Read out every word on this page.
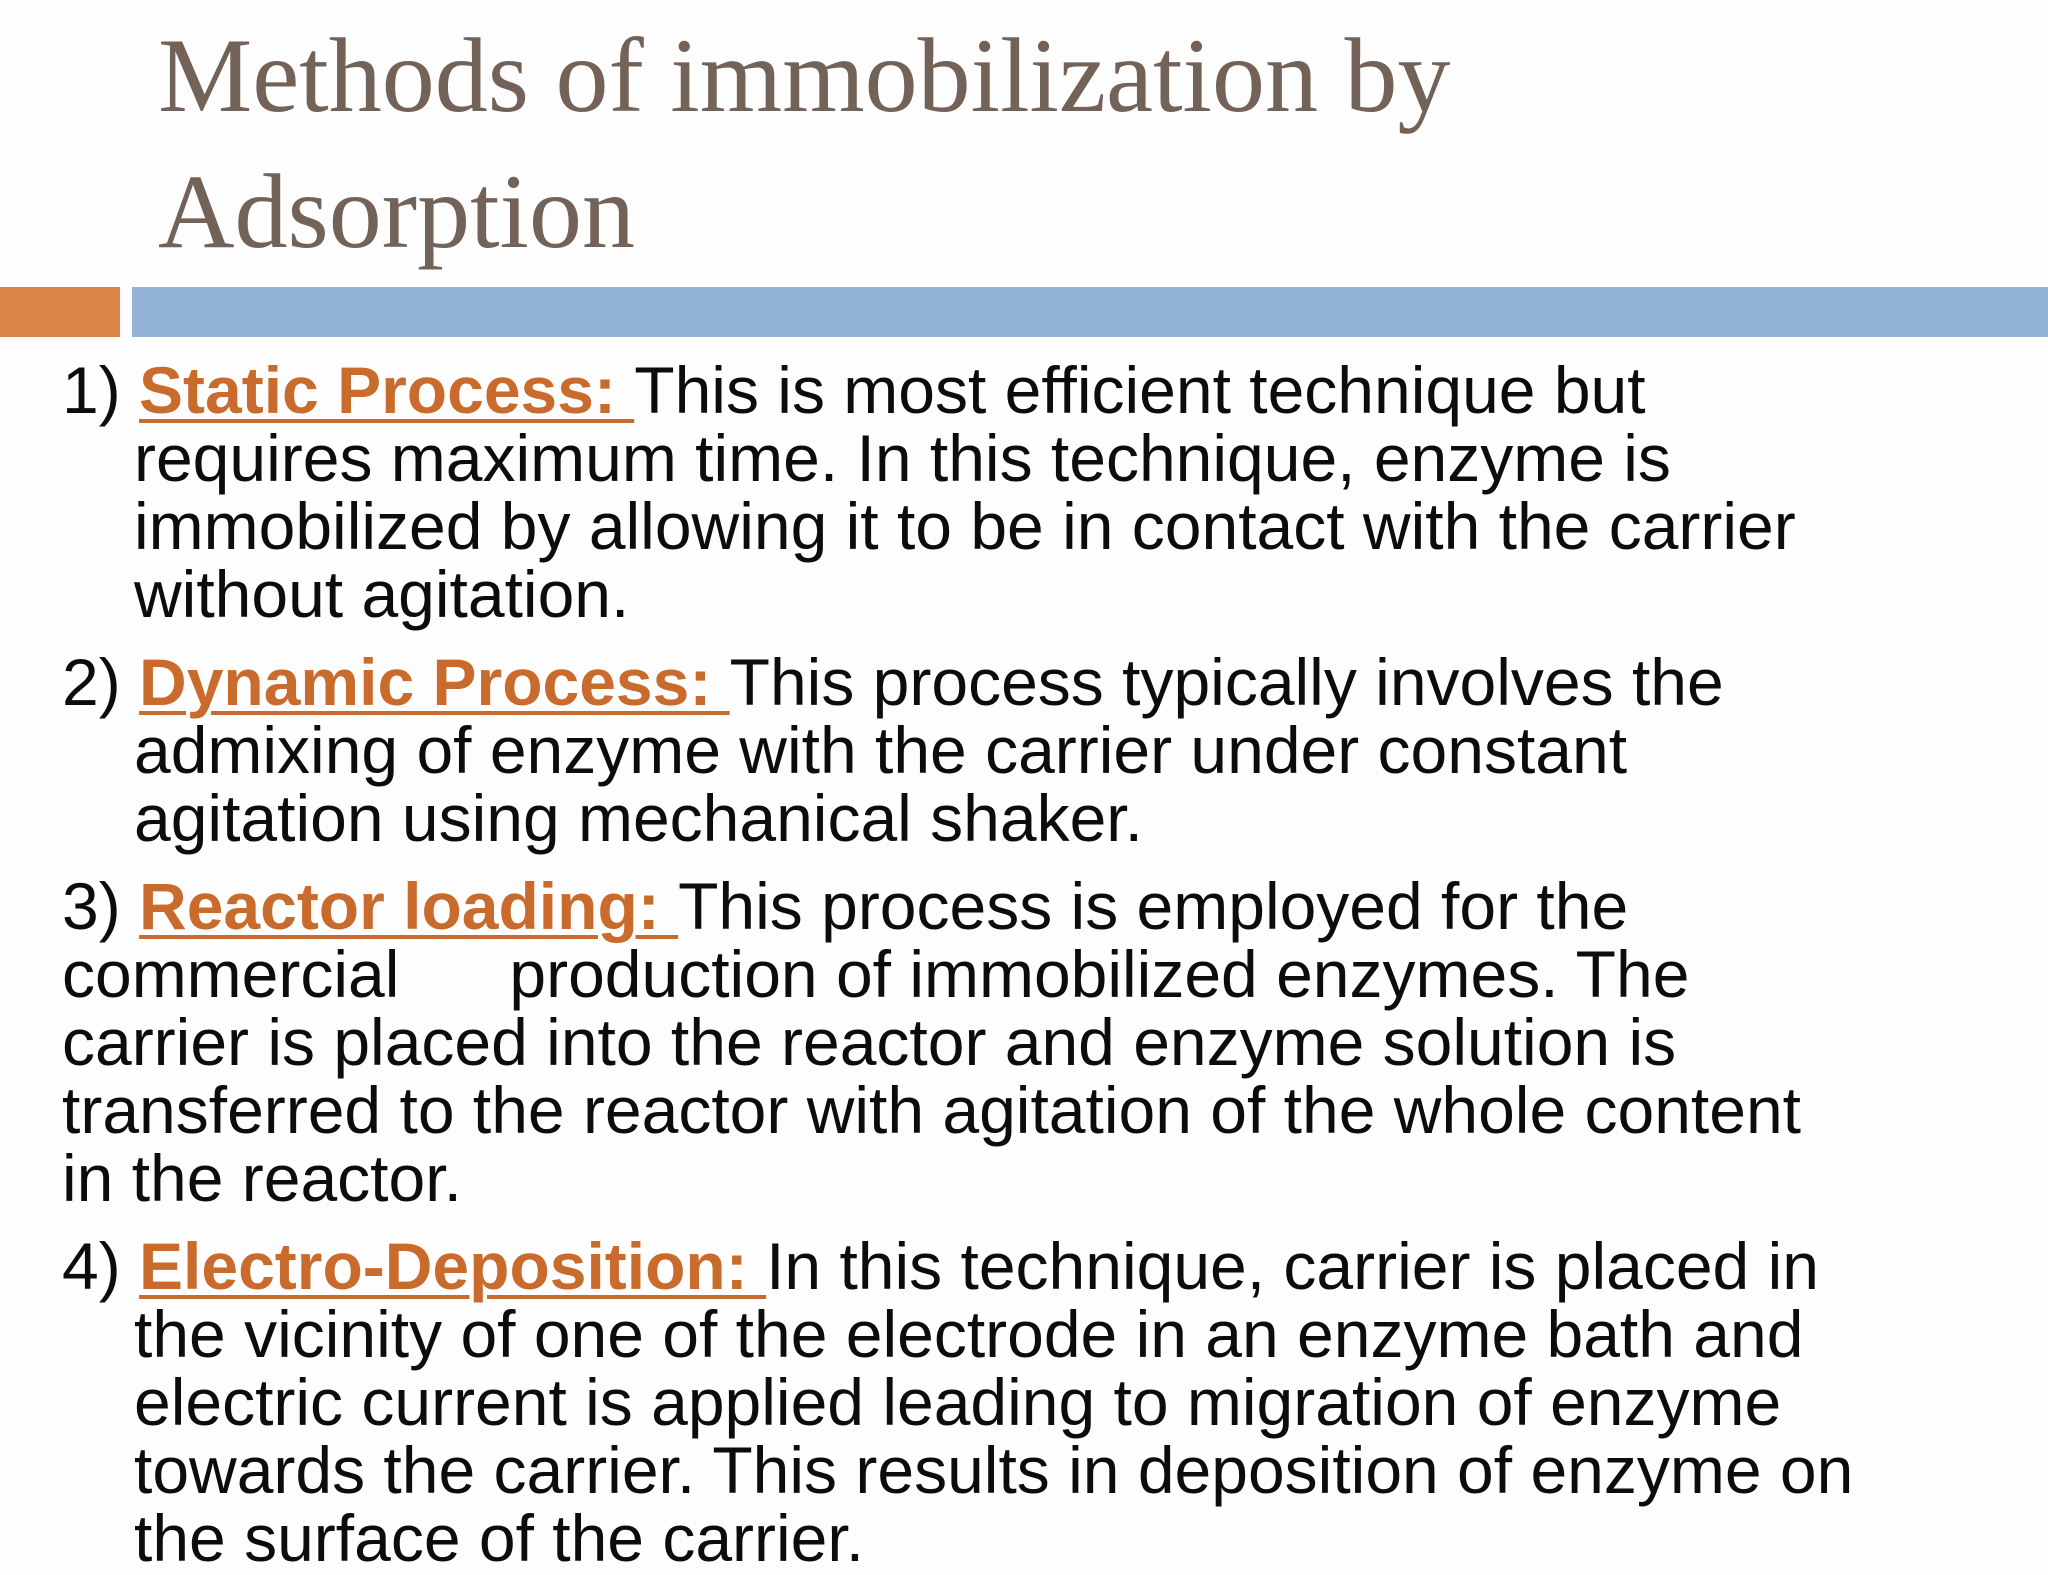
Methods of immobilization by
Adsorption

1) Static Process: This is most efficient technique but
requires maximum time. In this technique, enzyme is
immobilized by allowing it to be in contact with the carrier
without agitation.

2) Dynamic Process: This process typically involves the
admixing of enzyme with the carrier under constant
agitation using mechanical shaker.

3) Reactor loading: This process is employed for the
commercial production of immobilized enzymes. The
carrier is placed into the reactor and enzyme solution is
transferred to the reactor with agitation of the whole content
in the reactor.

4) Electro-Deposition: In this technique, carrier is placed in
the vicinity of one of the electrode in an enzyme bath and
electric current is applied leading to migration of enzyme
towards the carrier. This results in deposition of enzyme on
the surface of the carrier.
